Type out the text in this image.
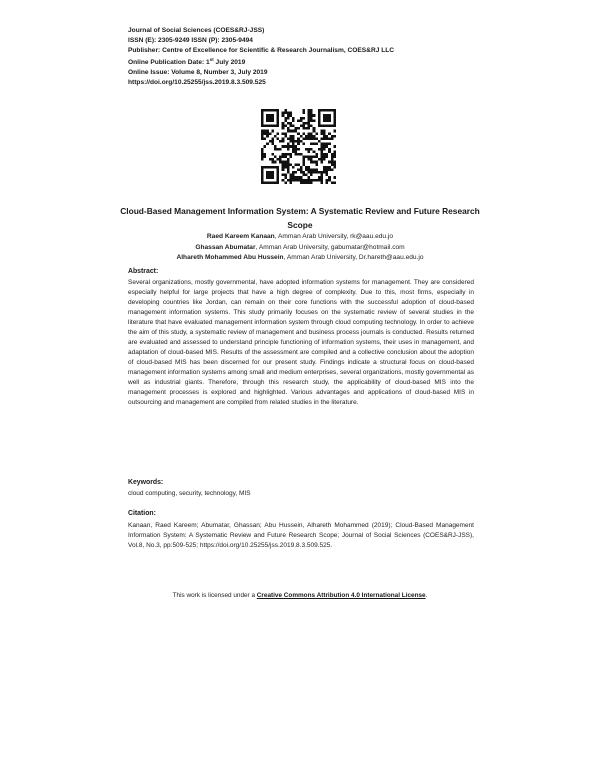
Journal of Social Sciences (COES&RJ-JSS)
ISSN (E): 2305-9249 ISSN (P): 2305-9494
Publisher: Centre of Excellence for Scientific & Research Journalism, COES&RJ LLC
Online Publication Date: 1st July 2019
Online Issue: Volume 8, Number 3, July 2019
https://doi.org/10.25255/jss.2019.8.3.509.525
Cloud-Based Management Information System: A Systematic Review and Future Research Scope
Raed Kareem Kanaan, Amman Arab University, rk@aau.edu.jo
Ghassan Abumatar, Amman Arab University, gabumatar@hotmail.com
Alhareth Mohammed Abu Hussein, Amman Arab University, Dr.hareth@aau.edu.jo
Abstract:
Several organizations, mostly governmental, have adopted information systems for management. They are considered especially helpful for large projects that have a high degree of complexity. Due to this, most firms, especially in developing countries like Jordan, can remain on their core functions with the successful adoption of cloud-based management information systems. This study primarily focuses on the systematic review of several studies in the literature that have evaluated management information system through cloud computing technology. In order to achieve the aim of this study, a systematic review of management and business process journals is conducted. Results returned are evaluated and assessed to understand principle functioning of information systems, their uses in management, and adaptation of cloud-based MIS. Results of the assessment are compiled and a collective conclusion about the adoption of cloud-based MIS has been discerned for our present study. Findings indicate a structural focus on cloud-based management information systems among small and medium enterprises, several organizations, mostly governmental as well as industrial giants. Therefore, through this research study, the applicability of cloud-based MIS into the management processes is explored and highlighted. Various advantages and applications of cloud-based MIS in outsourcing and management are compiled from related studies in the literature.
Keywords:
cloud computing, security, technology, MIS
Citation:
Kanaan, Raed Kareem; Abumatar, Ghassan; Abu Hussein, Alhareth Mohammed (2019); Cloud-Based Management Information System: A Systematic Review and Future Research Scope; Journal of Social Sciences (COES&RJ-JSS), Vol.8, No.3, pp:509-525; https://doi.org/10.25255/jss.2019.8.3.509.525.
This work is licensed under a Creative Commons Attribution 4.0 International License.
